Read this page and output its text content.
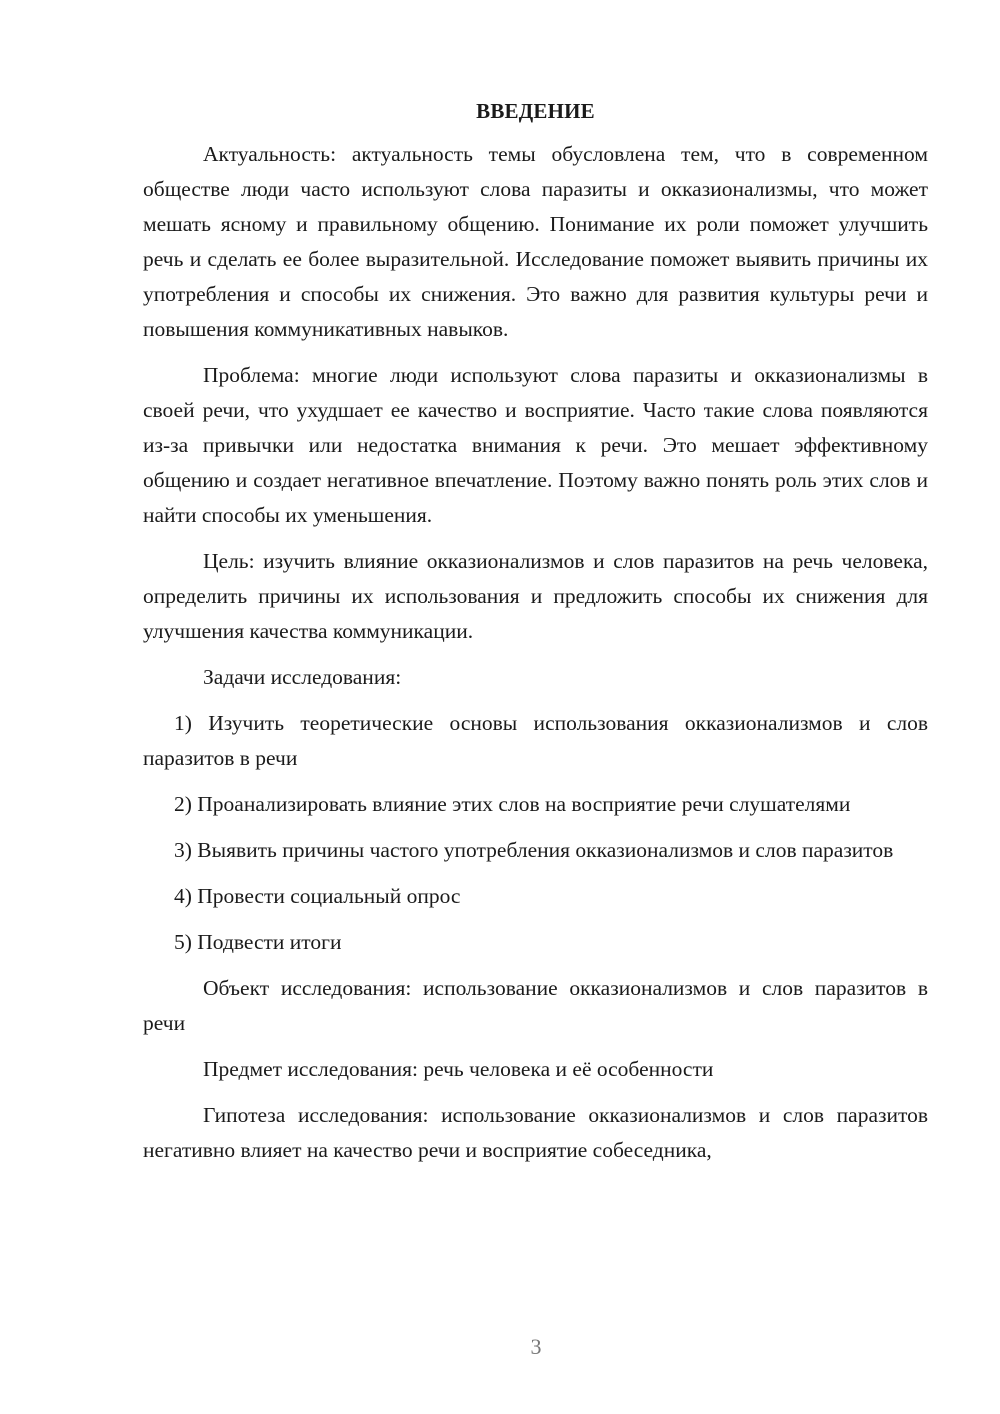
ВВЕДЕНИЕ

Актуальность: актуальность темы обусловлена тем, что в современном обществе люди часто используют слова паразиты и окказионализмы, что может мешать ясному и правильному общению. Понимание их роли поможет улучшить речь и сделать ее более выразительной. Исследование поможет выявить причины их употребления и способы их снижения. Это важно для развития культуры речи и повышения коммуникативных навыков.

Проблема: многие люди используют слова паразиты и окказионализмы в своей речи, что ухудшает ее качество и восприятие. Часто такие слова появляются из-за привычки или недостатка внимания к речи. Это мешает эффективному общению и создает негативное впечатление. Поэтому важно понять роль этих слов и найти способы их уменьшения.

Цель: изучить влияние окказионализмов и слов паразитов на речь человека, определить причины их использования и предложить способы их снижения для улучшения качества коммуникации.

Задачи исследования:

1) Изучить теоретические основы использования окказионализмов и слов паразитов в речи

2) Проанализировать влияние этих слов на восприятие речи слушателями

3) Выявить причины частого употребления окказионализмов и слов паразитов

4) Провести социальный опрос

5) Подвести итоги

Объект исследования: использование окказионализмов и слов паразитов в речи

Предмет исследования: речь человека и её особенности

Гипотеза исследования: использование окказионализмов и слов паразитов негативно влияет на качество речи и восприятие собеседника,

3
